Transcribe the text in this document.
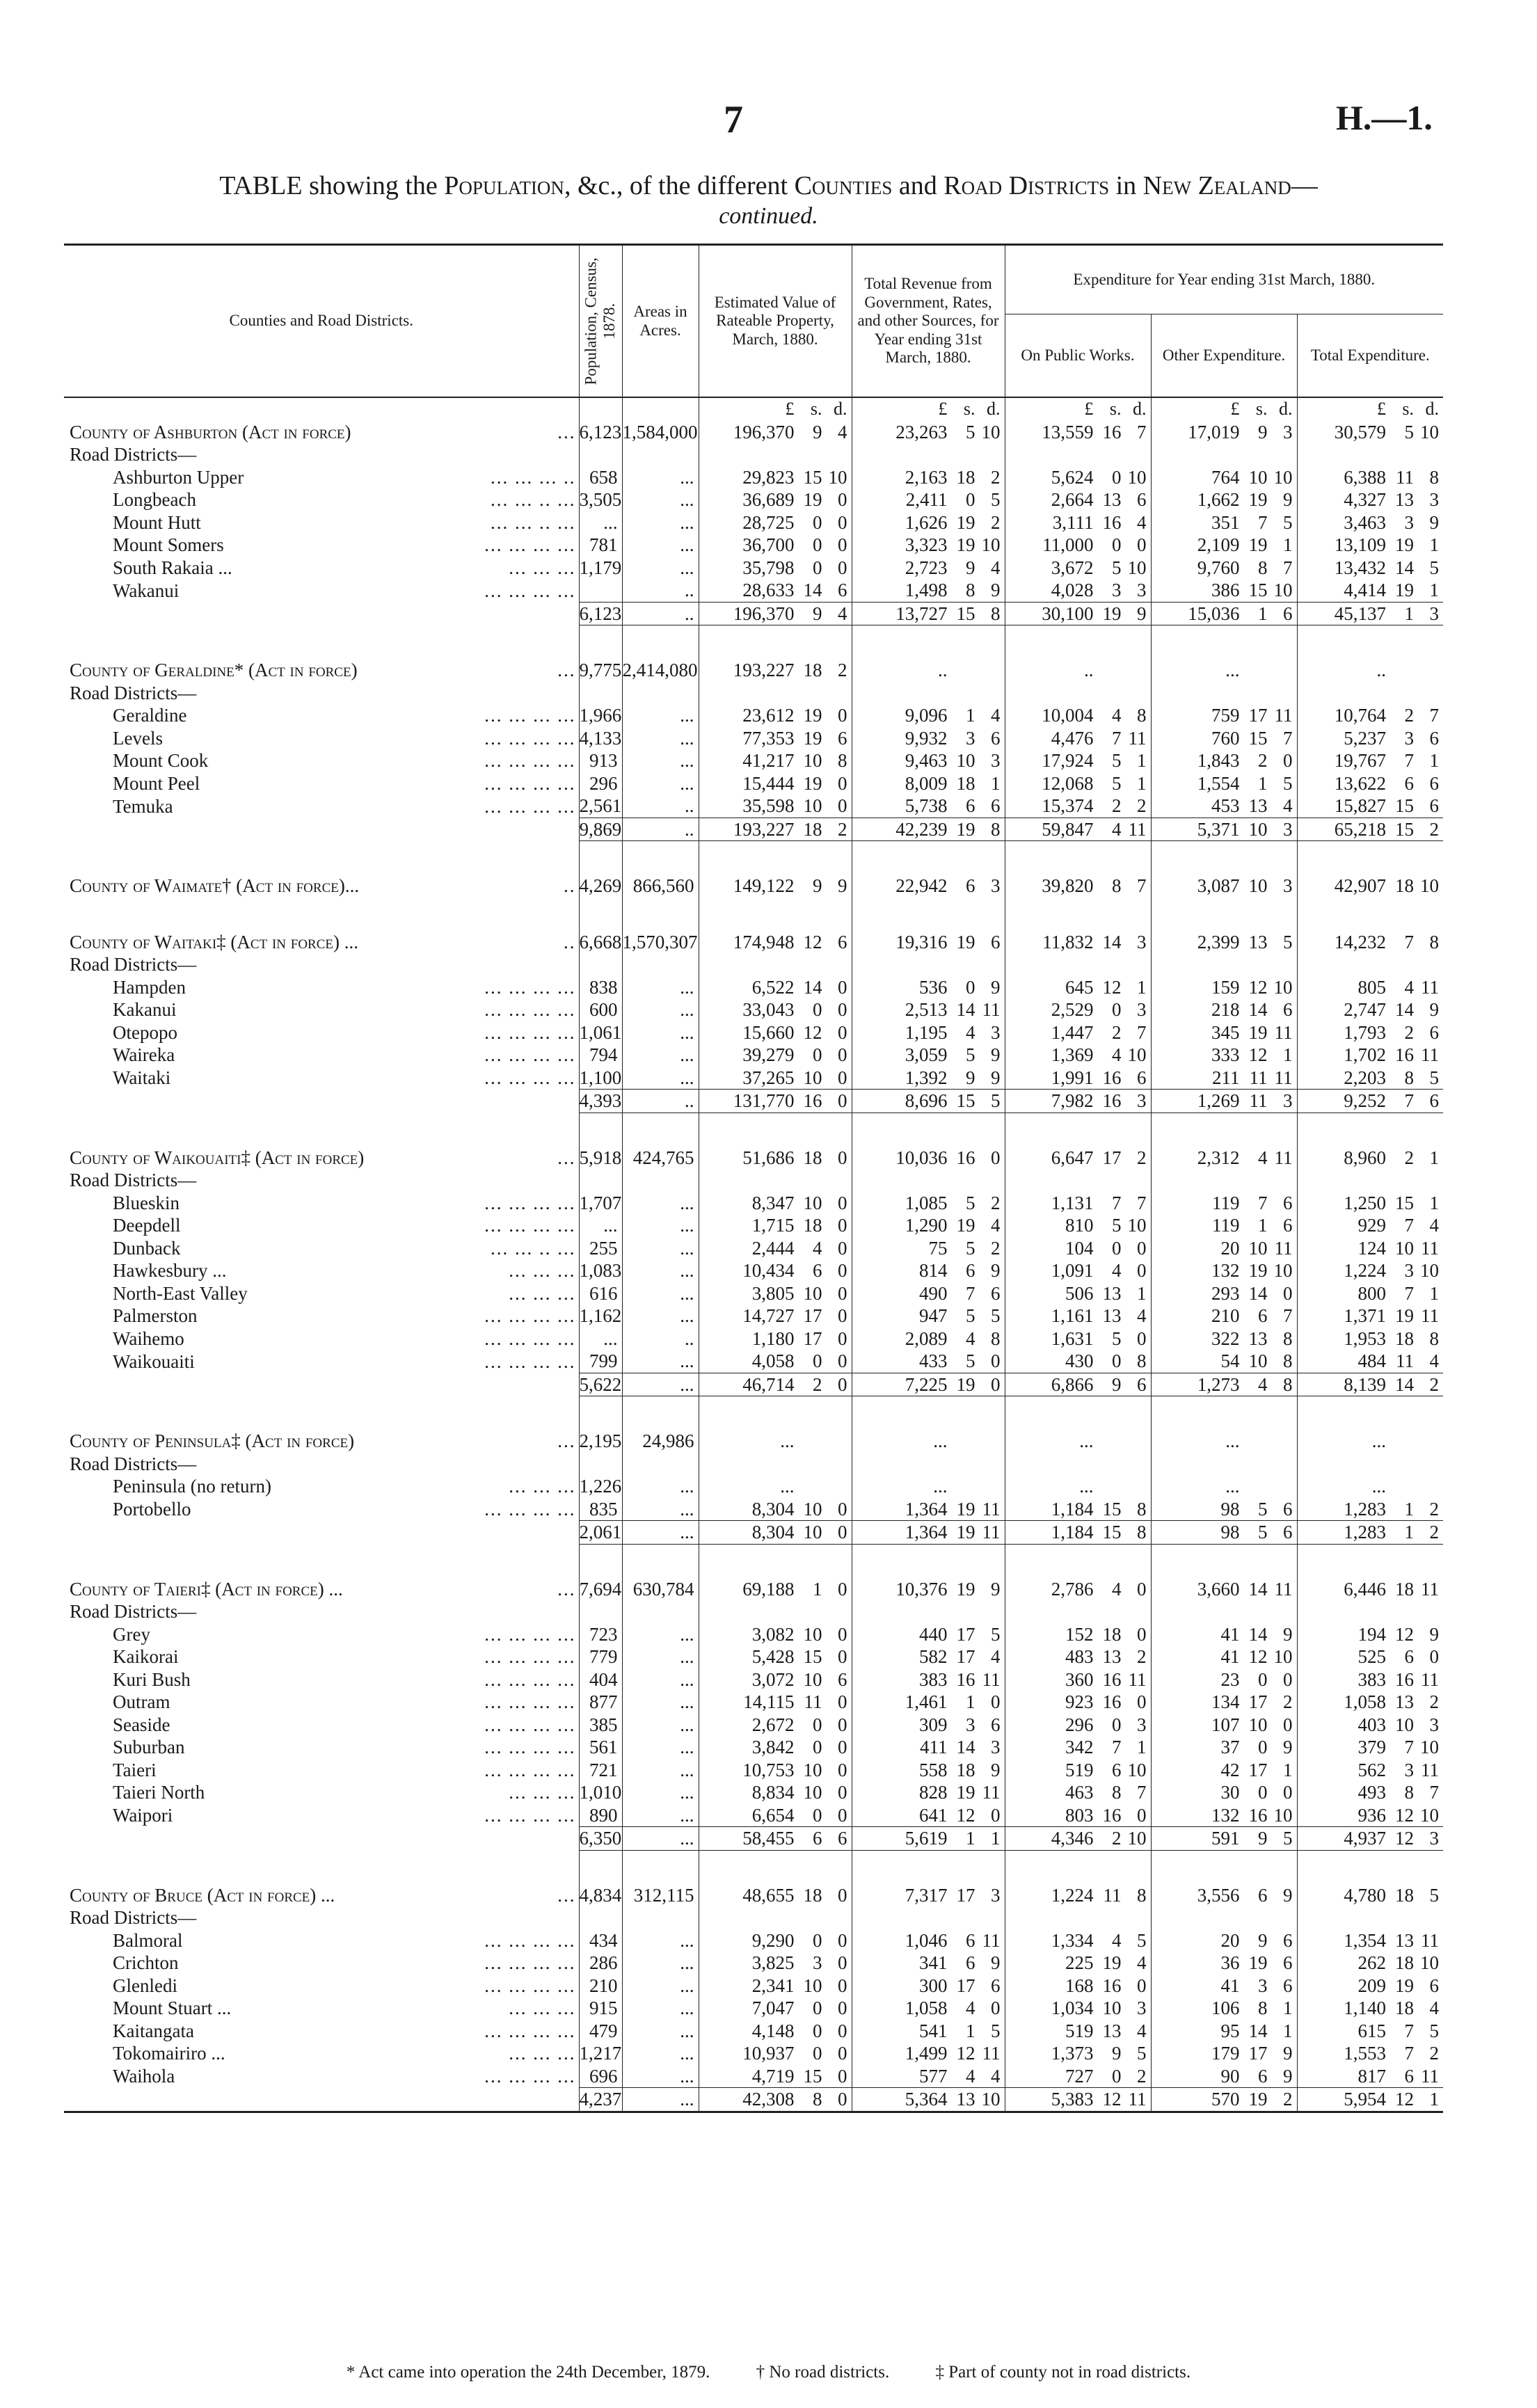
7	H.—1.
TABLE showing the Population, &c., of the different Counties and Road Districts in New Zealand—
continued.
Counties and Road Districts.		Population, Census, 1878.	Areas in Acres.	Estimated Value of Rateable Property, March, 1880.	Total Revenue from Government, Rates, and other Sources, for Year ending 31st March, 1880.	Expenditure for Year ending 31st March, 1880.		
						On Public Works.	Other Expenditure.	Total Expenditure.
				£ s. d.	£ s. d.	£ s. d.	£ s. d.	£ s. d.
County of Ashburton (Act in force)	...	6,123	1,584,000	196,370 9 4	23,263 5 10	13,559 16 7	17,019 9 3	30,579 5 10
Road Districts—								
Ashburton Upper	... ... ... ..	658	...	29,823 15 10	2,163 18 2	5,624 0 10	764 10 10	6,388 11 8
Longbeach	... ... .. ...	3,505	...	36,689 19 0	2,411 0 5	2,664 13 6	1,662 19 9	4,327 13 3
Mount Hutt	... ... .. ...	...	...	28,725 0 0	1,626 19 2	3,111 16 4	351 7 5	3,463 3 9
Mount Somers	... ... ... ...	781	...	36,700 0 0	3,323 19 10	11,000 0 0	2,109 19 1	13,109 19 1
South Rakaia ...	... ... ...	1,179	...	35,798 0 0	2,723 9 4	3,672 5 10	9,760 8 7	13,432 14 5
Wakanui	... ... ... ...		..	28,633 14 6	1,498 8 9	4,028 3 3	386 15 10	4,414 19 1
		6,123	..	196,370 9 4	13,727 15 8	30,100 19 9	15,036 1 6	45,137 1 3

County of Geraldine* (Act in force)	...	9,775	2,414,080	193,227 18 2	..	..	...	..
Road Districts—								
Geraldine	... ... ... ...	1,966	...	23,612 19 0	9,096 1 4	10,004 4 8	759 17 11	10,764 2 7
Levels	... ... ... ...	4,133	...	77,353 19 6	9,932 3 6	4,476 7 11	760 15 7	5,237 3 6
Mount Cook	... ... ... ...	913	...	41,217 10 8	9,463 10 3	17,924 5 1	1,843 2 0	19,767 7 1
Mount Peel	... ... ... ...	296	...	15,444 19 0	8,009 18 1	12,068 5 1	1,554 1 5	13,622 6 6
Temuka	... ... ... ...	2,561	..	35,598 10 0	5,738 6 6	15,374 2 2	453 13 4	15,827 15 6
		9,869	..	193,227 18 2	42,239 19 8	59,847 4 11	5,371 10 3	65,218 15 2

County of Waimate† (Act in force)...	..	4,269	866,560	149,122 9 9	22,942 6 3	39,820 8 7	3,087 10 3	42,907 18 10

County of Waitaki‡ (Act in force) ...	..	6,668	1,570,307	174,948 12 6	19,316 19 6	11,832 14 3	2,399 13 5	14,232 7 8
Road Districts—								
Hampden	... ... ... ...	838	...	6,522 14 0	536 0 9	645 12 1	159 12 10	805 4 11
Kakanui	... ... ... ...	600	...	33,043 0 0	2,513 14 11	2,529 0 3	218 14 6	2,747 14 9
Otepopo	... ... ... ...	1,061	...	15,660 12 0	1,195 4 3	1,447 2 7	345 19 11	1,793 2 6
Waireka	... ... ... ...	794	...	39,279 0 0	3,059 5 9	1,369 4 10	333 12 1	1,702 16 11
Waitaki	... ... ... ...	1,100	...	37,265 10 0	1,392 9 9	1,991 16 6	211 11 11	2,203 8 5
		4,393	..	131,770 16 0	8,696 15 5	7,982 16 3	1,269 11 3	9,252 7 6

County of Waikouaiti‡ (Act in force)	...	5,918	424,765	51,686 18 0	10,036 16 0	6,647 17 2	2,312 4 11	8,960 2 1
Road Districts—								
Blueskin	... ... ... ...	1,707	...	8,347 10 0	1,085 5 2	1,131 7 7	119 7 6	1,250 15 1
Deepdell	... ... ... ...	...	...	1,715 18 0	1,290 19 4	810 5 10	119 1 6	929 7 4
Dunback	... ... .. ...	255	...	2,444 4 0	75 5 2	104 0 0	20 10 11	124 10 11
Hawkesbury ...	... ... ...	1,083	...	10,434 6 0	814 6 9	1,091 4 0	132 19 10	1,224 3 10
North-East Valley	... ... ...	616	...	3,805 10 0	490 7 6	506 13 1	293 14 0	800 7 1
Palmerston	... ... ... ...	1,162	...	14,727 17 0	947 5 5	1,161 13 4	210 6 7	1,371 19 11
Waihemo	... ... ... ...	...	..	1,180 17 0	2,089 4 8	1,631 5 0	322 13 8	1,953 18 8
Waikouaiti	... ... ... ...	799	...	4,058 0 0	433 5 0	430 0 8	54 10 8	484 11 4
		5,622	...	46,714 2 0	7,225 19 0	6,866 9 6	1,273 4 8	8,139 14 2

County of Peninsula‡ (Act in force)	...	2,195	24,986	...	...	...	...	...
Road Districts—								
Peninsula (no return)	... ... ...	1,226	...	...	...	...	...	...
Portobello	... ... ... ...	835	...	8,304 10 0	1,364 19 11	1,184 15 8	98 5 6	1,283 1 2
		2,061	...	8,304 10 0	1,364 19 11	1,184 15 8	98 5 6	1,283 1 2

County of Taieri‡ (Act in force) ...	...	7,694	630,784	69,188 1 0	10,376 19 9	2,786 4 0	3,660 14 11	6,446 18 11
Road Districts—								
Grey	... ... ... ...	723	...	3,082 10 0	440 17 5	152 18 0	41 14 9	194 12 9
Kaikorai	... ... ... ...	779	...	5,428 15 0	582 17 4	483 13 2	41 12 10	525 6 0
Kuri Bush	... ... ... ...	404	...	3,072 10 6	383 16 11	360 16 11	23 0 0	383 16 11
Outram	... ... ... ...	877	...	14,115 11 0	1,461 1 0	923 16 0	134 17 2	1,058 13 2
Seaside	... ... ... ...	385	...	2,672 0 0	309 3 6	296 0 3	107 10 0	403 10 3
Suburban	... ... ... ...	561	...	3,842 0 0	411 14 3	342 7 1	37 0 9	379 7 10
Taieri	... ... ... ...	721	...	10,753 10 0	558 18 9	519 6 10	42 17 1	562 3 11
Taieri North	... ... ...	1,010	...	8,834 10 0	828 19 11	463 8 7	30 0 0	493 8 7
Waipori	... ... ... ...	890	...	6,654 0 0	641 12 0	803 16 0	132 16 10	936 12 10
		6,350	...	58,455 6 6	5,619 1 1	4,346 2 10	591 9 5	4,937 12 3

County of Bruce (Act in force) ...	...	4,834	312,115	48,655 18 0	7,317 17 3	1,224 11 8	3,556 6 9	4,780 18 5
Road Districts—								
Balmoral	... ... ... ...	434	...	9,290 0 0	1,046 6 11	1,334 4 5	20 9 6	1,354 13 11
Crichton	... ... ... ...	286	...	3,825 3 0	341 6 9	225 19 4	36 19 6	262 18 10
Glenledi	... ... ... ...	210	...	2,341 10 0	300 17 6	168 16 0	41 3 6	209 19 6
Mount Stuart ...	... ... ...	915	...	7,047 0 0	1,058 4 0	1,034 10 3	106 8 1	1,140 18 4
Kaitangata	... ... ... ...	479	...	4,148 0 0	541 1 5	519 13 4	95 14 1	615 7 5
Tokomairiro ...	... ... ...	1,217	...	10,937 0 0	1,499 12 11	1,373 9 5	179 17 9	1,553 7 2
Waihola	... ... ... ...	696	...	4,719 15 0	577 4 4	727 0 2	90 6 9	817 6 11
		4,237	...	42,308 8 0	5,364 13 10	5,383 12 11	570 19 2	5,954 12 1

* Act came into operation the 24th December, 1879.	† No road districts.	‡ Part of county not in road districts.
